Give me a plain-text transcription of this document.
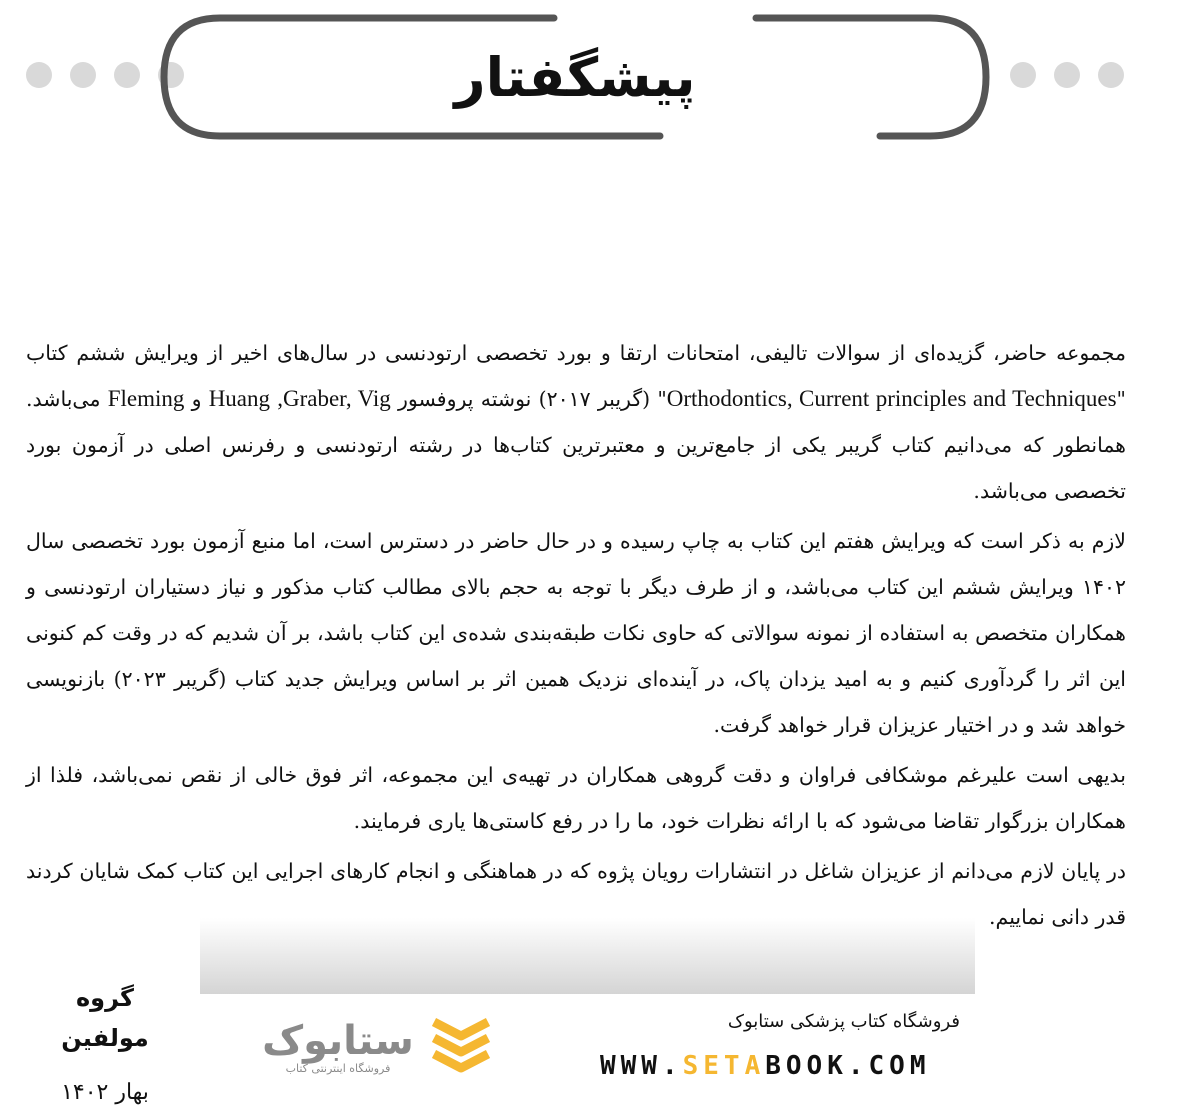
پیشگفتار

مجموعه حاضر، گزیده‌ای از سوالات تالیفی، امتحانات ارتقا و بورد تخصصی ارتودنسی در سال‌های اخیر از ویرایش ششم کتاب "Orthodontics, Current principles and Techniques" (گریبر ۲۰۱۷) نوشته پروفسور Graber, Vig, Huang و Fleming می‌باشد. همانطور که می‌دانیم کتاب گریبر یکی از جامع‌ترین و معتبرترین کتاب‌ها در رشته ارتودنسی و رفرنس اصلی در آزمون بورد تخصصی می‌باشد.

لازم به ذکر است که ویرایش هفتم این کتاب به چاپ رسیده و در حال حاضر در دسترس است، اما منبع آزمون بورد تخصصی سال ۱۴۰۲ ویرایش ششم این کتاب می‌باشد، و از طرف دیگر با توجه به حجم بالای مطالب کتاب مذکور و نیاز دستیاران ارتودنسی و همکاران متخصص به استفاده از نمونه سوالاتی که حاوی نکات طبقه‌بندی شده‌ی این کتاب باشد، بر آن شدیم که در وقت کم کنونی این اثر را گردآوری کنیم و به امید یزدان پاک، در آینده‌ای نزدیک همین اثر بر اساس ویرایش جدید کتاب (گریبر ۲۰۲۳) بازنویسی خواهد شد و در اختیار عزیزان قرار خواهد گرفت.

بدیهی است علیرغم موشکافی فراوان و دقت گروهی همکاران در تهیه‌ی این مجموعه، اثر فوق خالی از نقص نمی‌باشد، فلذا از همکاران بزرگوار تقاضا می‌شود که با ارائه نظرات خود، ما را در رفع کاستی‌ها یاری فرمایند.

در پایان لازم می‌دانم از عزیزان شاغل در انتشارات رویان پژوه که در هماهنگی و انجام کارهای اجرایی این کتاب کمک شایان کردند قدر دانی نماییم.

گروه مولفین
بهار ۱۴۰۲
ستابوک
فروشگاه اینترنتی کتاب
فروشگاه کتاب پزشکی ستابوک
WWW.SETABOOK.COM
